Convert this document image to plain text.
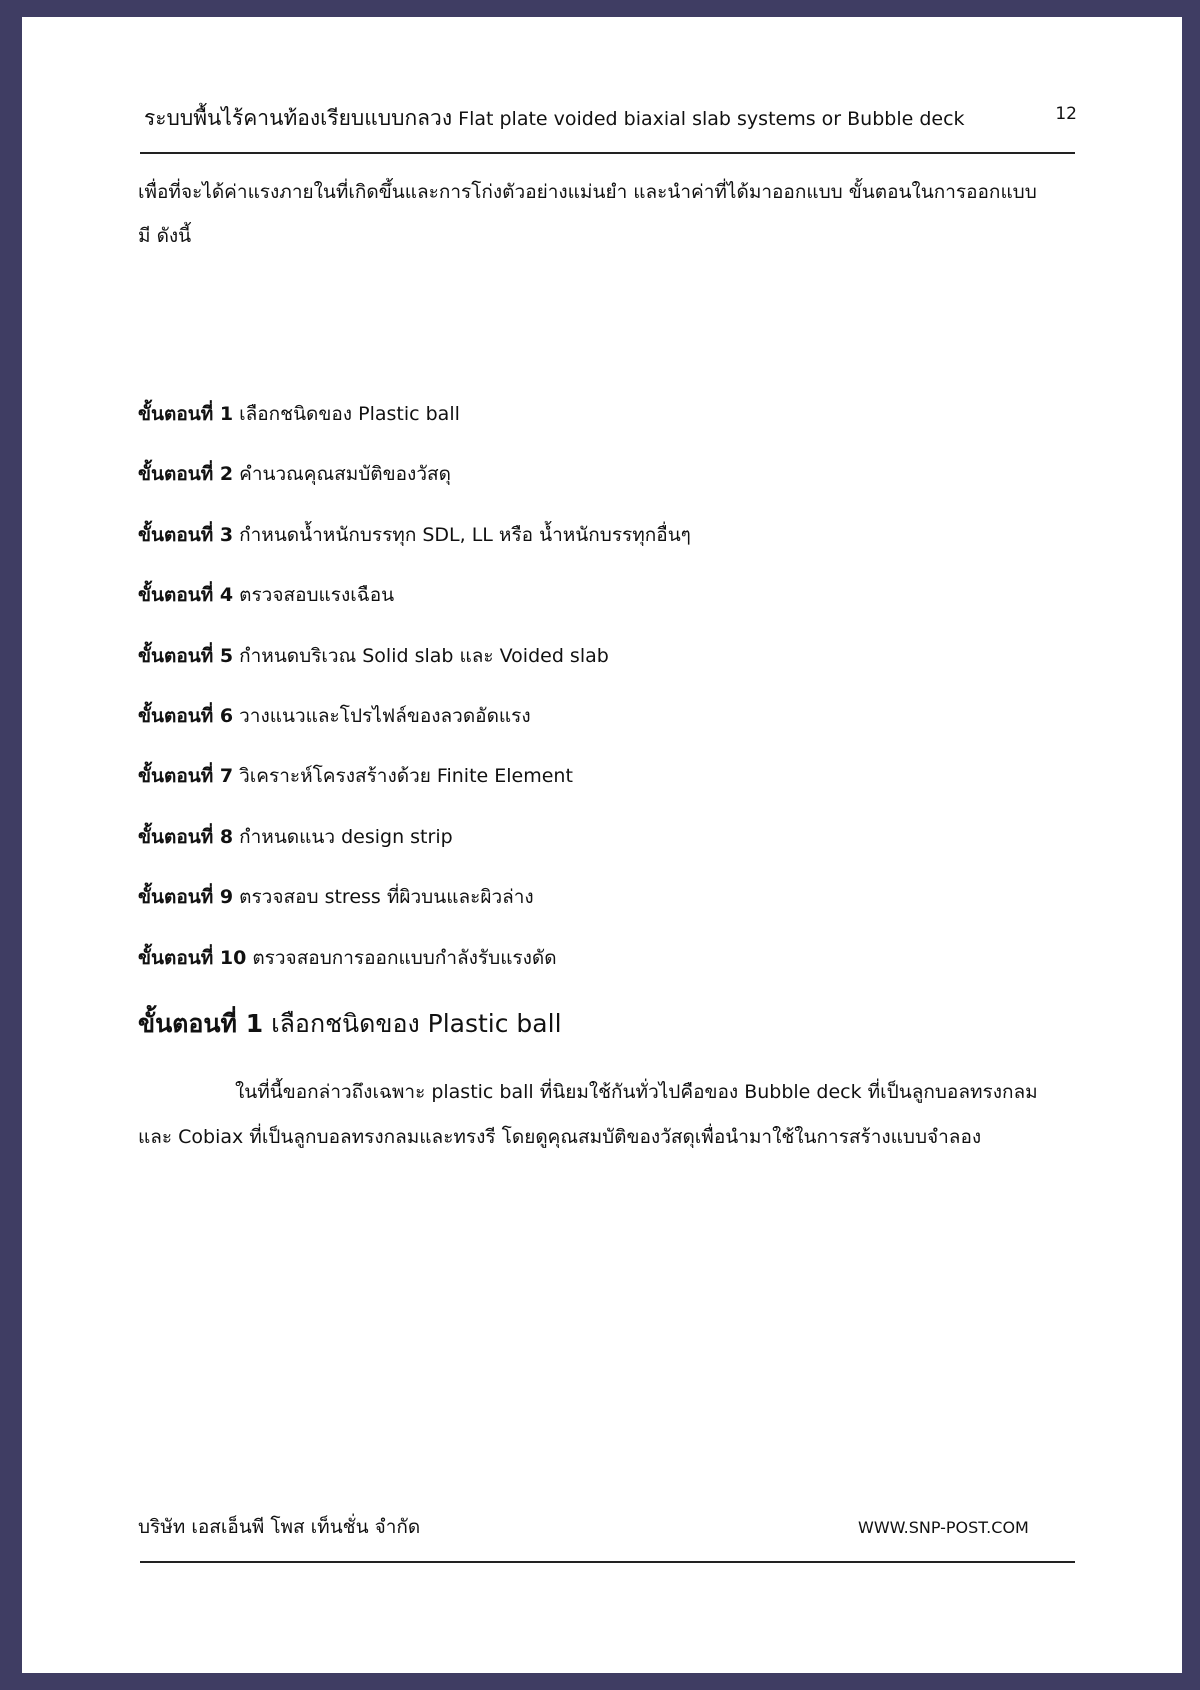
ระบบพื้นไร้คานท้องเรียบแบบกลวง Flat plate voided biaxial slab systems or Bubble deck	12
เพื่อที่จะได้ค่าแรงภายในที่เกิดขึ้นและการโก่งตัวอย่างแม่นยำ และนำค่าที่ได้มาออกแบบ ขั้นตอนในการออกแบบมี ดังนี้
ขั้นตอนที่ 1 เลือกชนิดของ Plastic ball
ขั้นตอนที่ 2 คำนวณคุณสมบัติของวัสดุ
ขั้นตอนที่ 3 กำหนดน้ำหนักบรรทุก SDL, LL หรือ น้ำหนักบรรทุกอื่นๆ
ขั้นตอนที่ 4 ตรวจสอบแรงเฉือน
ขั้นตอนที่ 5 กำหนดบริเวณ Solid slab และ Voided slab
ขั้นตอนที่ 6 วางแนวและโปรไฟล์ของลวดอัดแรง
ขั้นตอนที่ 7 วิเคราะห์โครงสร้างด้วย Finite Element
ขั้นตอนที่ 8 กำหนดแนว design strip
ขั้นตอนที่ 9 ตรวจสอบ stress ที่ผิวบนและผิวล่าง
ขั้นตอนที่ 10 ตรวจสอบการออกแบบกำลังรับแรงดัด
ขั้นตอนที่ 1 เลือกชนิดของ Plastic ball
ในที่นี้ขอกล่าวถึงเฉพาะ plastic ball ที่นิยมใช้กันทั่วไปคือของ Bubble deck ที่เป็นลูกบอลทรงกลมและ Cobiax ที่เป็นลูกบอลทรงกลมและทรงรี โดยดูคุณสมบัติของวัสดุเพื่อนำมาใช้ในการสร้างแบบจำลอง
บริษัท เอสเอ็นพี โพส เท็นชั่น จำกัด	WWW.SNP-POST.COM
